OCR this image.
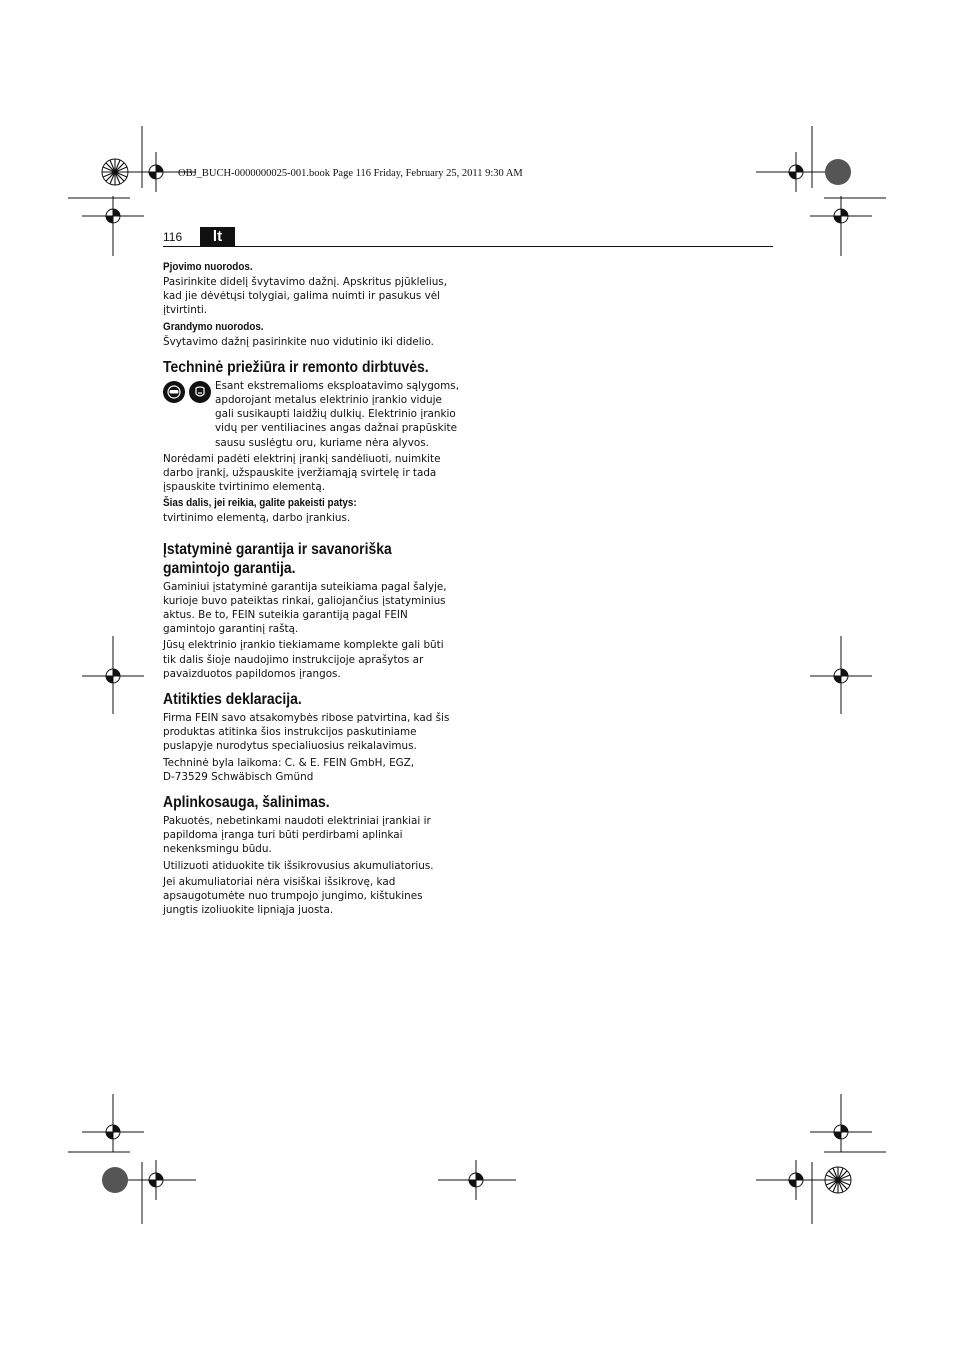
OBJ_BUCH-0000000025-001.book Page 116 Friday, February 25, 2011 9:30 AM
116	lt
Pjovimo nuorodos.

Pasirinkite didelį švytavimo dažnį. Apskritus pjūklelius, kad jie dėvėtųsi tolygiai, galima nuimti ir pasukus vėl įtvirtinti.

Grandymo nuorodos.

Švytavimo dažnį pasirinkite nuo vidutinio iki didelio.

Techninė priežiūra ir remonto dirbtuvės.

Esant ekstremalioms eksploatavimo sąlygoms, apdorojant metalus elektrinio įrankio viduje gali susikaupti laidžių dulkių. Elektrinio įrankio vidų per ventiliacines angas dažnai prapūskite sausu suslėgtu oru, kuriame nėra alyvos.

Norėdami padėti elektrinį įrankį sandėliuoti, nuimkite darbo įrankį, užspauskite įveržiamąją svirtelę ir tada įspauskite tvirtinimo elementą.

Šias dalis, jei reikia, galite pakeisti patys:

tvirtinimo elementą, darbo įrankius.

Įstatyminė garantija ir savanoriška gamintojo garantija.

Gaminiui įstatyminė garantija suteikiama pagal šalyje, kurioje buvo pateiktas rinkai, galiojančius įstatyminius aktus. Be to, FEIN suteikia garantiją pagal FEIN gamintojo garantinį raštą.

Jūsų elektrinio įrankio tiekiamame komplekte gali būti tik dalis šioje naudojimo instrukcijoje aprašytos ar pavaizduotos papildomos įrangos.

Atitikties deklaracija.

Firma FEIN savo atsakomybės ribose patvirtina, kad šis produktas atitinka šios instrukcijos paskutiniame puslapyje nurodytus specialiuosius reikalavimus.

Techninė byla laikoma: C. & E. FEIN GmbH, EGZ,

D-73529 Schwäbisch Gmünd

Aplinkosauga, šalinimas.

Pakuotės, nebetinkami naudoti elektriniai įrankiai ir papildoma įranga turi būti perdirbami aplinkai nekenksmingu būdu.

Utilizuoti atiduokite tik išsikrovusius akumuliatorius.

Jei akumuliatoriai nėra visiškai išsikrovę, kad apsaugotumėte nuo trumpojo jungimo, kištukines jungtis izoliuokite lipniąja juosta.
